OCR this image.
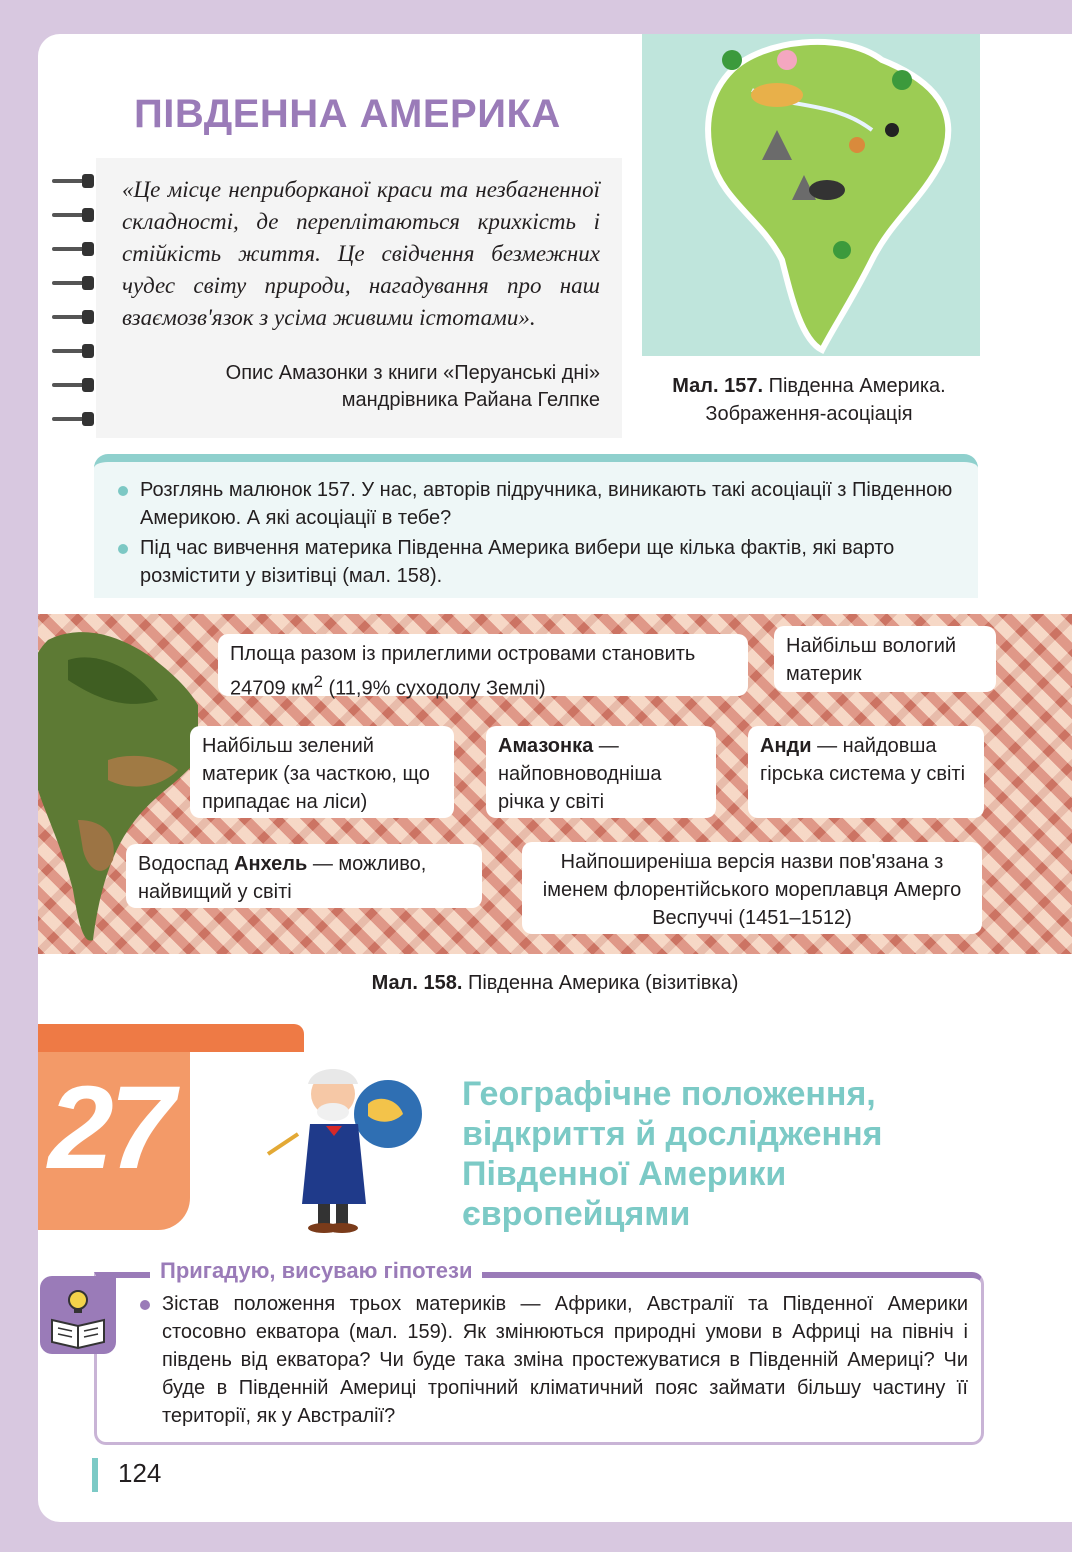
ПІВДЕННА АМЕРИКА
«Це місце неприборканої краси та незбагненної складності, де переплітаються крихкість і стійкість життя. Це свідчення безмежних чудес світу природи, нагадування про наш взаємозв'язок з усіма живими істотами».
Опис Амазонки з книги «Перуанські дні»
мандрівника Райана Гелпке
Мал. 157. Південна Америка.
Зображення-асоціація
Розглянь малюнок 157. У нас, авторів підручника, виникають такі асоціації з Південною Америкою. А які асоціації в тебе?
Під час вивчення материка Південна Америка вибери ще кілька фактів, які варто розмістити у візитівці (мал. 158).
Площа разом із прилеглими островами становить 24709 $км^2$ (11,9% суходолу Землі)
Найбільш вологий материк
Найбільш зелений материк (за часткою, що припадає на ліси)
Амазонка — найповноводніша річка у світі
Анди — найдовша гірська система у світі
Водоспад Анхель — можливо, найвищий у світі
Найпоширеніша версія назви пов'язана з іменем флорентійського мореплавця Амерго Веспуччі (1451–1512)
Мал. 158. Південна Америка (візитівка)
27	Географічне положення,
відкриття й дослідження
Південної Америки
європейцями
Пригадую, висуваю гіпотези
Зістав положення трьох материків — Африки, Австралії та Південної Америки стосовно екватора (мал. 159). Як змінюються природні умови в Африці на північ і південь від екватора? Чи буде така зміна простежуватися в Південній Америці? Чи буде в Південній Америці тропічний кліматичний пояс займати більшу частину її території, як у Австралії?
124
